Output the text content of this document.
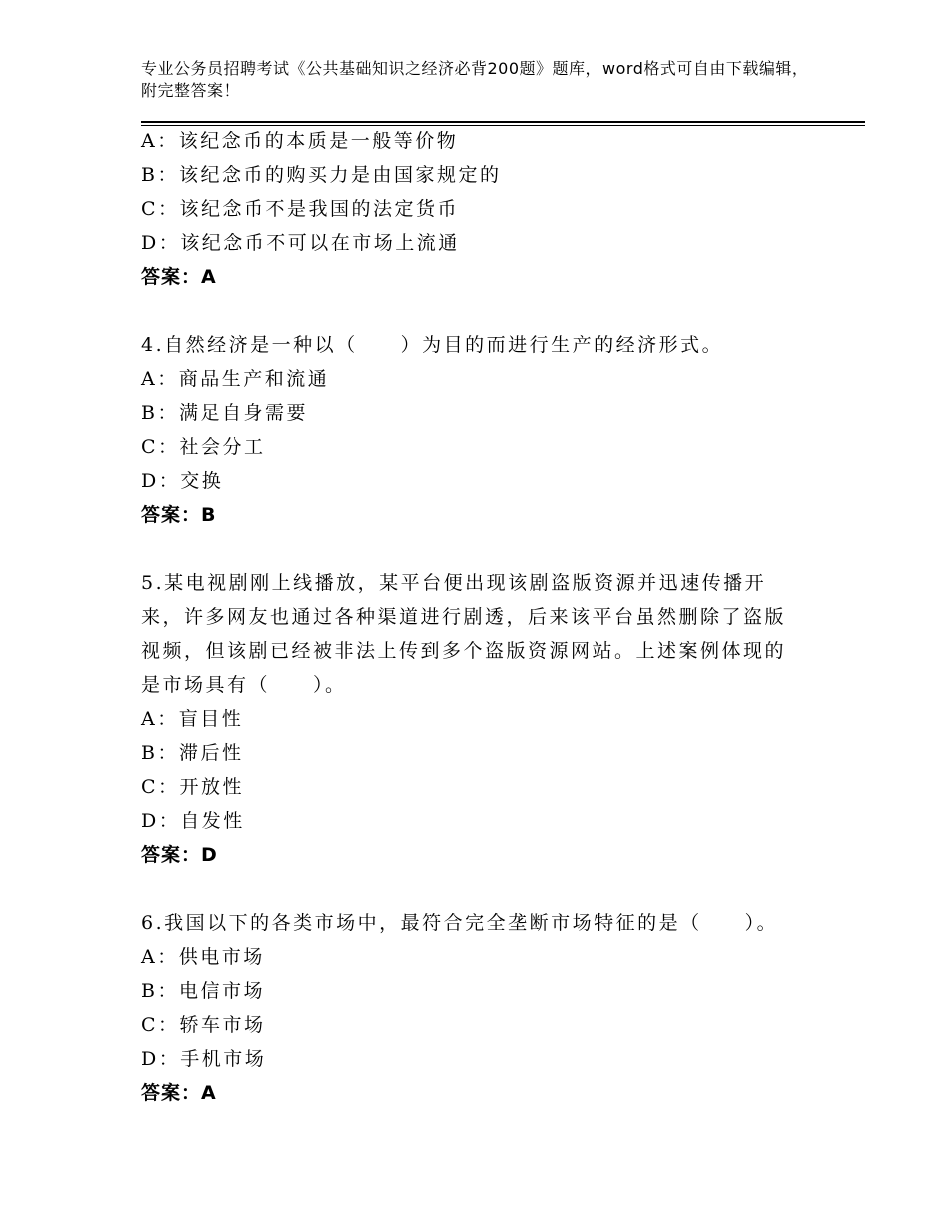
专业公务员招聘考试《公共基础知识之经济必背200题》题库，word格式可自由下载编辑，附完整答案！
A：该纪念币的本质是一般等价物
B：该纪念币的购买力是由国家规定的
C：该纪念币不是我国的法定货币
D：该纪念币不可以在市场上流通
答案：A
4.自然经济是一种以（　　）为目的而进行生产的经济形式。
A：商品生产和流通
B：满足自身需要
C：社会分工
D：交换
答案：B
5.某电视剧刚上线播放，某平台便出现该剧盗版资源并迅速传播开来，许多网友也通过各种渠道进行剧透，后来该平台虽然删除了盗版视频，但该剧已经被非法上传到多个盗版资源网站。上述案例体现的是市场具有（　　）。
A：盲目性
B：滞后性
C：开放性
D：自发性
答案：D
6.我国以下的各类市场中，最符合完全垄断市场特征的是（　　）。
A：供电市场
B：电信市场
C：轿车市场
D：手机市场
答案：A
